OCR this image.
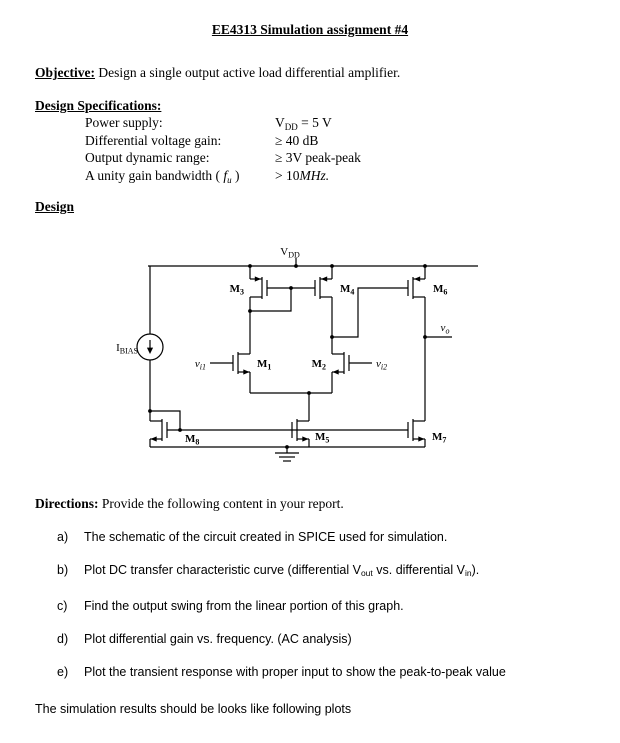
EE4313 Simulation assignment #4
Objective: Design a single output active load differential amplifier.
Design Specifications:
Power supply:	$V_{DD} = 5$ V
Differential voltage gain:	≥ 40 dB
Output dynamic range:	≥ 3V peak-peak
A unity gain bandwidth ( $f_u$ )	> 10MHz.
Design
$V_{DD}$
$I_{BIAS}$
$M_3$	$M_4$	$M_6$
$v_{i1}$	$M_1$	$M_2$	$v_{i2}$
$v_o$
$M_8$	$M_5$	$M_7$
Directions: Provide the following content in your report.
a)	The schematic of the circuit created in SPICE used for simulation.
b)	Plot DC transfer characteristic curve (differential Vout vs. differential Vin).
c)	Find the output swing from the linear portion of this graph.
d)	Plot differential gain vs. frequency. (AC analysis)
e)	Plot the transient response with proper input to show the peak-to-peak value
The simulation results should be looks like following plots
